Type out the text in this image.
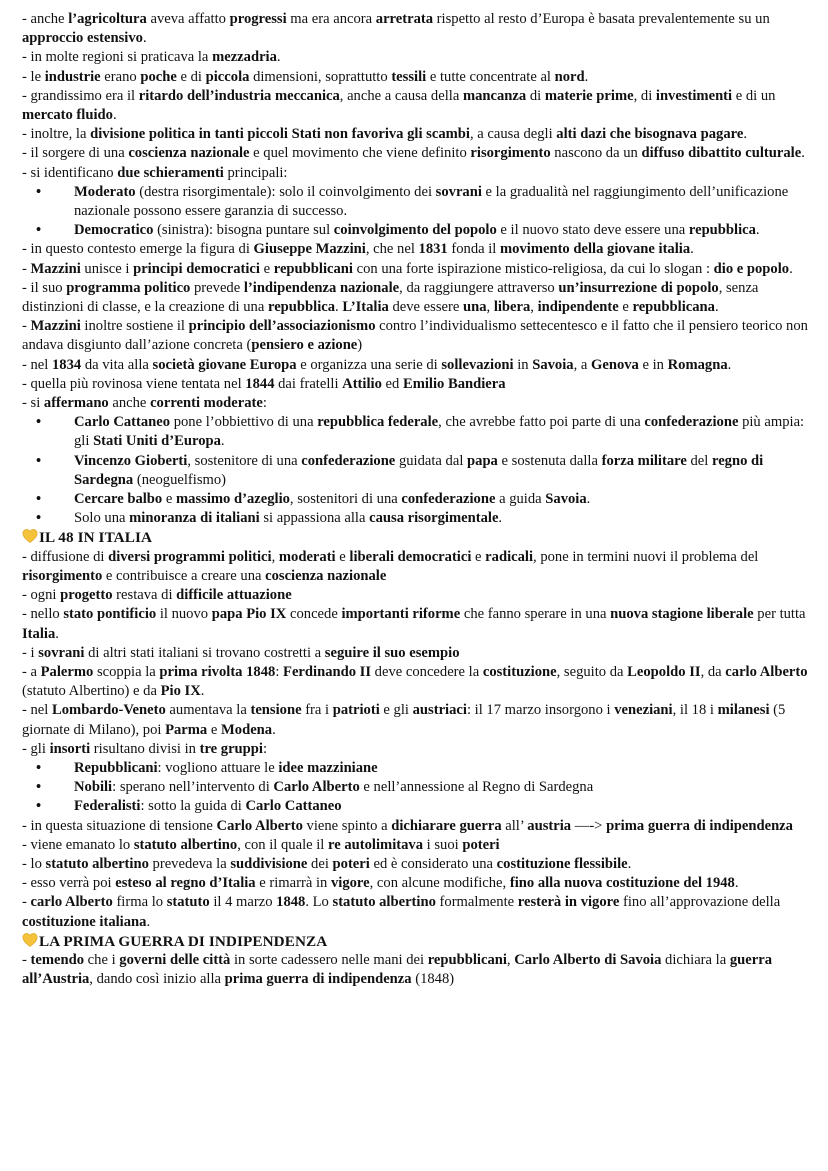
- anche l’agricoltura aveva affatto progressi ma era ancora arretrata rispetto al resto d’Europa è basata prevalentemente su un approccio estensivo.
- in molte regioni si praticava la mezzadria.
- le industrie erano poche e di piccola dimensioni, soprattutto tessili e tutte concentrate al nord.
- grandissimo era il ritardo dell’industria meccanica, anche a causa della mancanza di materie prime, di investimenti e di un mercato fluido.
- inoltre, la divisione politica in tanti piccoli Stati non favoriva gli scambi, a causa degli alti dazi che bisognava pagare.
- il sorgere di una coscienza nazionale e quel movimento che viene definito risorgimento nascono da un diffuso dibattito culturale.
- si identificano due schieramenti principali:
• Moderato (destra risorgimentale): solo il coinvolgimento dei sovrani e la gradualità nel raggiungimento dell’unificazione nazionale possono essere garanzia di successo.
• Democratico (sinistra): bisogna puntare sul coinvolgimento del popolo e il nuovo stato deve essere una repubblica.
- in questo contesto emerge la figura di Giuseppe Mazzini, che nel 1831 fonda il movimento della giovane italia.
- Mazzini unisce i principi democratici e repubblicani con una forte ispirazione mistico-religiosa, da cui lo slogan : dio e popolo.
- il suo programma politico prevede l’indipendenza nazionale, da raggiungere attraverso un’insurrezione di popolo, senza distinzioni di classe, e la creazione di una repubblica. L’Italia deve essere una, libera, indipendente e repubblicana.
- Mazzini inoltre sostiene il principio dell’associazionismo contro l’individualismo settecentesco e il fatto che il pensiero teorico non andava disgiunto dall’azione concreta (pensiero e azione)
- nel 1834 da vita alla società giovane Europa e organizza una serie di sollevazioni in Savoia, a Genova e in Romagna.
- quella più rovinosa viene tentata nel 1844 dai fratelli Attilio ed Emilio Bandiera
- si affermano anche correnti moderate:
• Carlo Cattaneo pone l’obbiettivo di una repubblica federale, che avrebbe fatto poi parte di una confederazione più ampia: gli Stati Uniti d’Europa.
• Vincenzo Gioberti, sostenitore di una confederazione guidata dal papa e sostenuta dalla forza militare del regno di Sardegna (neoguelfismo)
• Cercare balbo e massimo d’azeglio, sostenitori di una confederazione a guida Savoia.
• Solo una minoranza di italiani si appassiona alla causa risorgimentale.
IL 48 IN ITALIA
- diffusione di diversi programmi politici, moderati e liberali democratici e radicali, pone in termini nuovi il problema del risorgimento e contribuisce a creare una coscienza nazionale
- ogni progetto restava di difficile attuazione
- nello stato pontificio il nuovo papa Pio IX concede importanti riforme che fanno sperare in una nuova stagione liberale per tutta Italia.
- i sovrani di altri stati italiani si trovano costretti a seguire il suo esempio
- a Palermo scoppia la prima rivolta 1848: Ferdinando II deve concedere la costituzione, seguito da Leopoldo II, da carlo Alberto (statuto Albertino) e da Pio IX.
- nel Lombardo-Veneto aumentava la tensione fra i patrioti e gli austriaci: il 17 marzo insorgono i veneziani, il 18 i milanesi (5 giornate di Milano), poi Parma e Modena.
- gli insorti risultano divisi in tre gruppi:
• Repubblicani: vogliono attuare le idee mazziniane
• Nobili: sperano nell’intervento di Carlo Alberto e nell’annessione al Regno di Sardegna
• Federalisti: sotto la guida di Carlo Cattaneo
- in questa situazione di tensione Carlo Alberto viene spinto a dichiarare guerra all’ austria —-> prima guerra di indipendenza
- viene emanato lo statuto albertino, con il quale il re autolimitava i suoi poteri
- lo statuto albertino prevedeva la suddivisione dei poteri ed è considerato una costituzione flessibile.
- esso verrà poi esteso al regno d’Italia e rimarrà in vigore, con alcune modifiche, fino alla nuova costituzione del 1948.
- carlo Alberto firma lo statuto il 4 marzo 1848. Lo statuto albertino formalmente resterà in vigore fino all’approvazione della costituzione italiana.
LA PRIMA GUERRA DI INDIPENDENZA
- temendo che i governi delle città in sorte cadessero nelle mani dei repubblicani, Carlo Alberto di Savoia dichiara la guerra all’Austria, dando così inizio alla prima guerra di indipendenza (1848)
